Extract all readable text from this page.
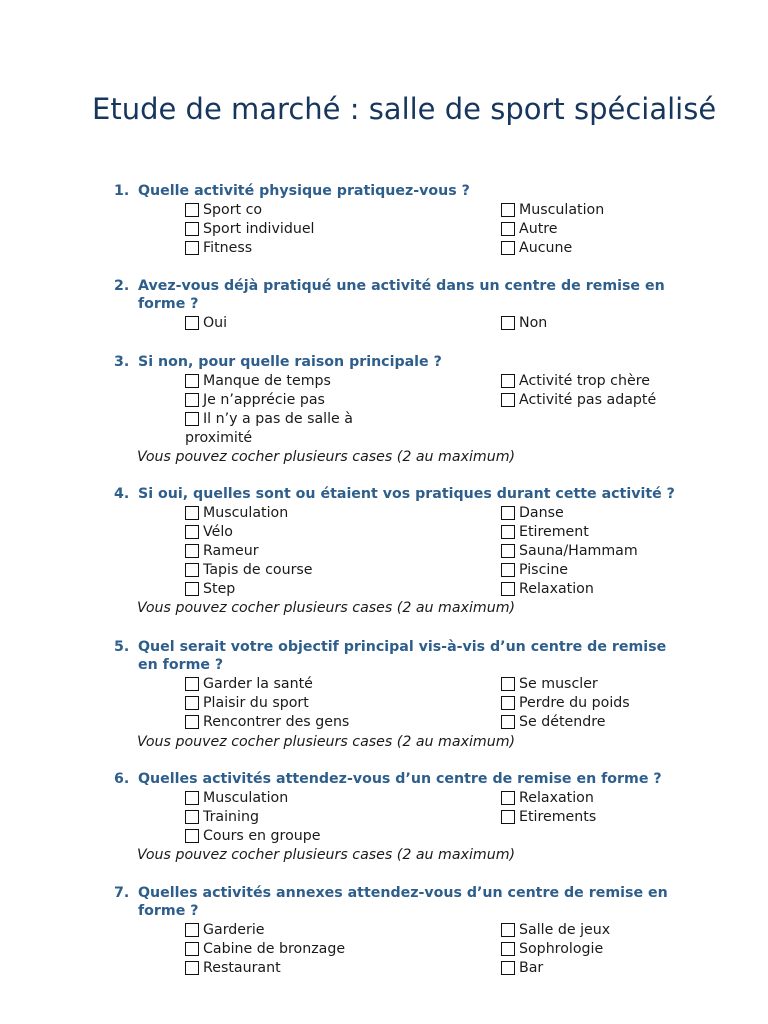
Etude de marché : salle de sport spécialisé
1. Quelle activité physique pratiquez-vous ?
Sport co
Sport individuel
Fitness
Musculation
Autre
Aucune
2. Avez-vous déjà pratiqué une activité dans un centre de remise en forme ?
Oui	Non
3. Si non, pour quelle raison principale ?
Manque de temps
Je n’apprécie pas
Il n’y a pas de salle à proximité
Activité trop chère
Activité pas adapté
Vous pouvez cocher plusieurs cases (2 au maximum)
4. Si oui, quelles sont ou étaient vos pratiques durant cette activité ?
Musculation
Vélo
Rameur
Tapis de course
Step
Danse
Etirement
Sauna/Hammam
Piscine
Relaxation
Vous pouvez cocher plusieurs cases (2 au maximum)
5. Quel serait votre objectif principal vis-à-vis d’un centre de remise en forme ?
Garder la santé
Plaisir du sport
Rencontrer des gens
Se muscler
Perdre du poids
Se détendre
Vous pouvez cocher plusieurs cases (2 au maximum)
6. Quelles activités attendez-vous d’un centre de remise en forme ?
Musculation
Training
Cours en groupe
Relaxation
Etirements
Vous pouvez cocher plusieurs cases (2 au maximum)
7. Quelles activités annexes attendez-vous d’un centre de remise en forme ?
Garderie
Cabine de bronzage
Restaurant
Salle de jeux
Sophrologie
Bar
